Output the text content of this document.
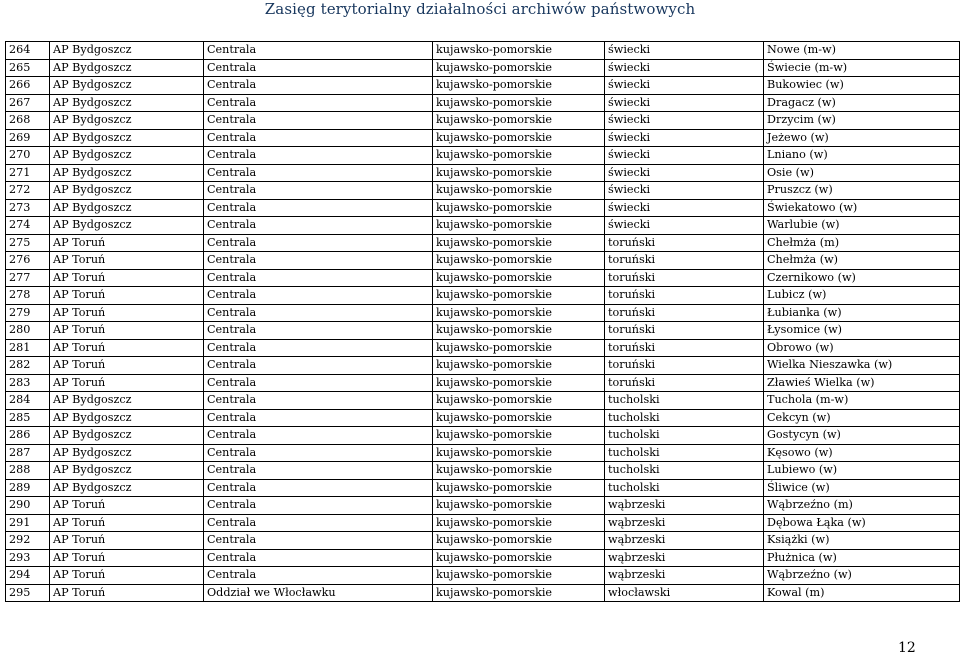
Zasięg terytorialny działalności archiwów państwowych
264	AP Bydgoszcz	Centrala	kujawsko-pomorskie	świecki	Nowe (m-w)
265	AP Bydgoszcz	Centrala	kujawsko-pomorskie	świecki	Świecie (m-w)
266	AP Bydgoszcz	Centrala	kujawsko-pomorskie	świecki	Bukowiec (w)
267	AP Bydgoszcz	Centrala	kujawsko-pomorskie	świecki	Dragacz (w)
268	AP Bydgoszcz	Centrala	kujawsko-pomorskie	świecki	Drzycim (w)
269	AP Bydgoszcz	Centrala	kujawsko-pomorskie	świecki	Jeżewo (w)
270	AP Bydgoszcz	Centrala	kujawsko-pomorskie	świecki	Lniano (w)
271	AP Bydgoszcz	Centrala	kujawsko-pomorskie	świecki	Osie (w)
272	AP Bydgoszcz	Centrala	kujawsko-pomorskie	świecki	Pruszcz (w)
273	AP Bydgoszcz	Centrala	kujawsko-pomorskie	świecki	Świekatowo (w)
274	AP Bydgoszcz	Centrala	kujawsko-pomorskie	świecki	Warlubie (w)
275	AP Toruń	Centrala	kujawsko-pomorskie	toruński	Chełmża (m)
276	AP Toruń	Centrala	kujawsko-pomorskie	toruński	Chełmża (w)
277	AP Toruń	Centrala	kujawsko-pomorskie	toruński	Czernikowo (w)
278	AP Toruń	Centrala	kujawsko-pomorskie	toruński	Lubicz (w)
279	AP Toruń	Centrala	kujawsko-pomorskie	toruński	Łubianka (w)
280	AP Toruń	Centrala	kujawsko-pomorskie	toruński	Łysomice (w)
281	AP Toruń	Centrala	kujawsko-pomorskie	toruński	Obrowo (w)
282	AP Toruń	Centrala	kujawsko-pomorskie	toruński	Wielka Nieszawka (w)
283	AP Toruń	Centrala	kujawsko-pomorskie	toruński	Zławieś Wielka (w)
284	AP Bydgoszcz	Centrala	kujawsko-pomorskie	tucholski	Tuchola (m-w)
285	AP Bydgoszcz	Centrala	kujawsko-pomorskie	tucholski	Cekcyn (w)
286	AP Bydgoszcz	Centrala	kujawsko-pomorskie	tucholski	Gostycyn (w)
287	AP Bydgoszcz	Centrala	kujawsko-pomorskie	tucholski	Kęsowo (w)
288	AP Bydgoszcz	Centrala	kujawsko-pomorskie	tucholski	Lubiewo (w)
289	AP Bydgoszcz	Centrala	kujawsko-pomorskie	tucholski	Śliwice (w)
290	AP Toruń	Centrala	kujawsko-pomorskie	wąbrzeski	Wąbrzeźno (m)
291	AP Toruń	Centrala	kujawsko-pomorskie	wąbrzeski	Dębowa Łąka (w)
292	AP Toruń	Centrala	kujawsko-pomorskie	wąbrzeski	Książki (w)
293	AP Toruń	Centrala	kujawsko-pomorskie	wąbrzeski	Płużnica (w)
294	AP Toruń	Centrala	kujawsko-pomorskie	wąbrzeski	Wąbrzeźno (w)
295	AP Toruń	Oddział we Włocławku	kujawsko-pomorskie	włocławski	Kowal (m)
12
